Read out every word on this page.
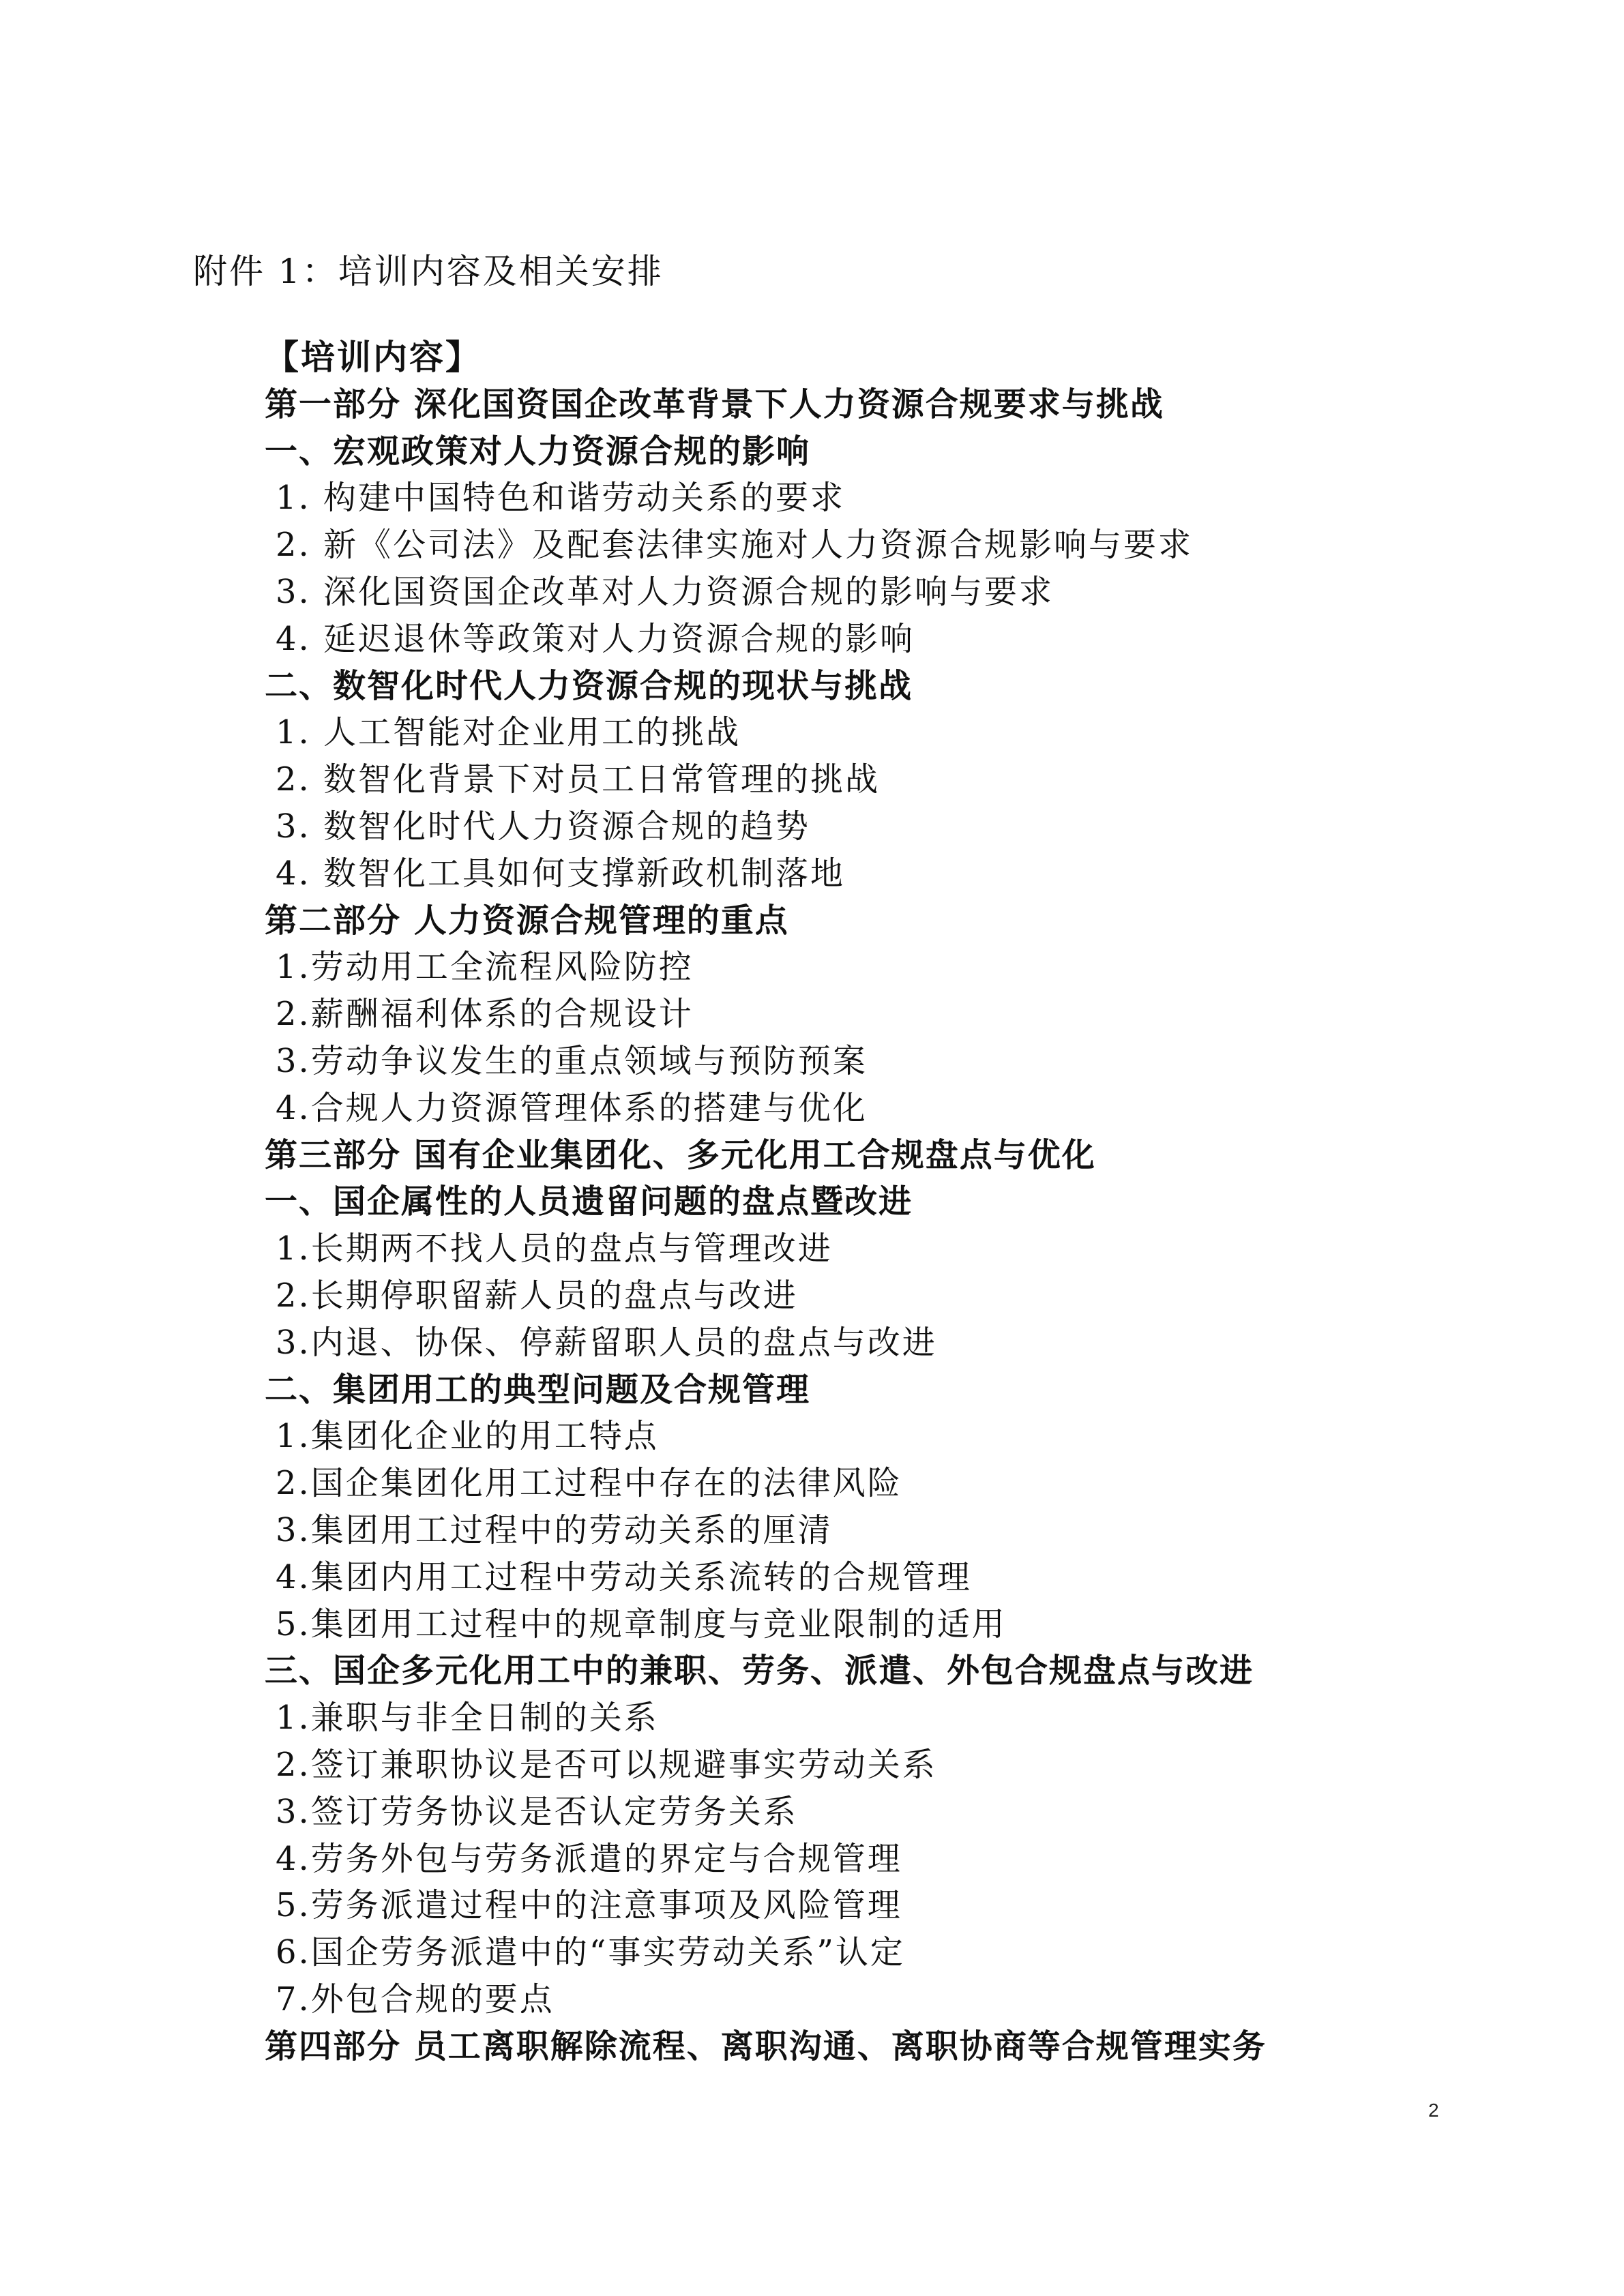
附件 1：培训内容及相关安排
【培训内容】
第一部分 深化国资国企改革背景下人力资源合规要求与挑战
一、宏观政策对人力资源合规的影响
1. 构建中国特色和谐劳动关系的要求
2. 新《公司法》及配套法律实施对人力资源合规影响与要求
3. 深化国资国企改革对人力资源合规的影响与要求
4. 延迟退休等政策对人力资源合规的影响
二、数智化时代人力资源合规的现状与挑战
1. 人工智能对企业用工的挑战
2. 数智化背景下对员工日常管理的挑战
3. 数智化时代人力资源合规的趋势
4. 数智化工具如何支撑新政机制落地
第二部分 人力资源合规管理的重点
1.劳动用工全流程风险防控
2.薪酬福利体系的合规设计
3.劳动争议发生的重点领域与预防预案
4.合规人力资源管理体系的搭建与优化
第三部分 国有企业集团化、多元化用工合规盘点与优化
一、国企属性的人员遗留问题的盘点暨改进
1.长期两不找人员的盘点与管理改进
2.长期停职留薪人员的盘点与改进
3.内退、协保、停薪留职人员的盘点与改进
二、集团用工的典型问题及合规管理
1.集团化企业的用工特点
2.国企集团化用工过程中存在的法律风险
3.集团用工过程中的劳动关系的厘清
4.集团内用工过程中劳动关系流转的合规管理
5.集团用工过程中的规章制度与竞业限制的适用
三、国企多元化用工中的兼职、劳务、派遣、外包合规盘点与改进
1.兼职与非全日制的关系
2.签订兼职协议是否可以规避事实劳动关系
3.签订劳务协议是否认定劳务关系
4.劳务外包与劳务派遣的界定与合规管理
5.劳务派遣过程中的注意事项及风险管理
6.国企劳务派遣中的“事实劳动关系”认定
7.外包合规的要点
第四部分 员工离职解除流程、离职沟通、离职协商等合规管理实务
2
